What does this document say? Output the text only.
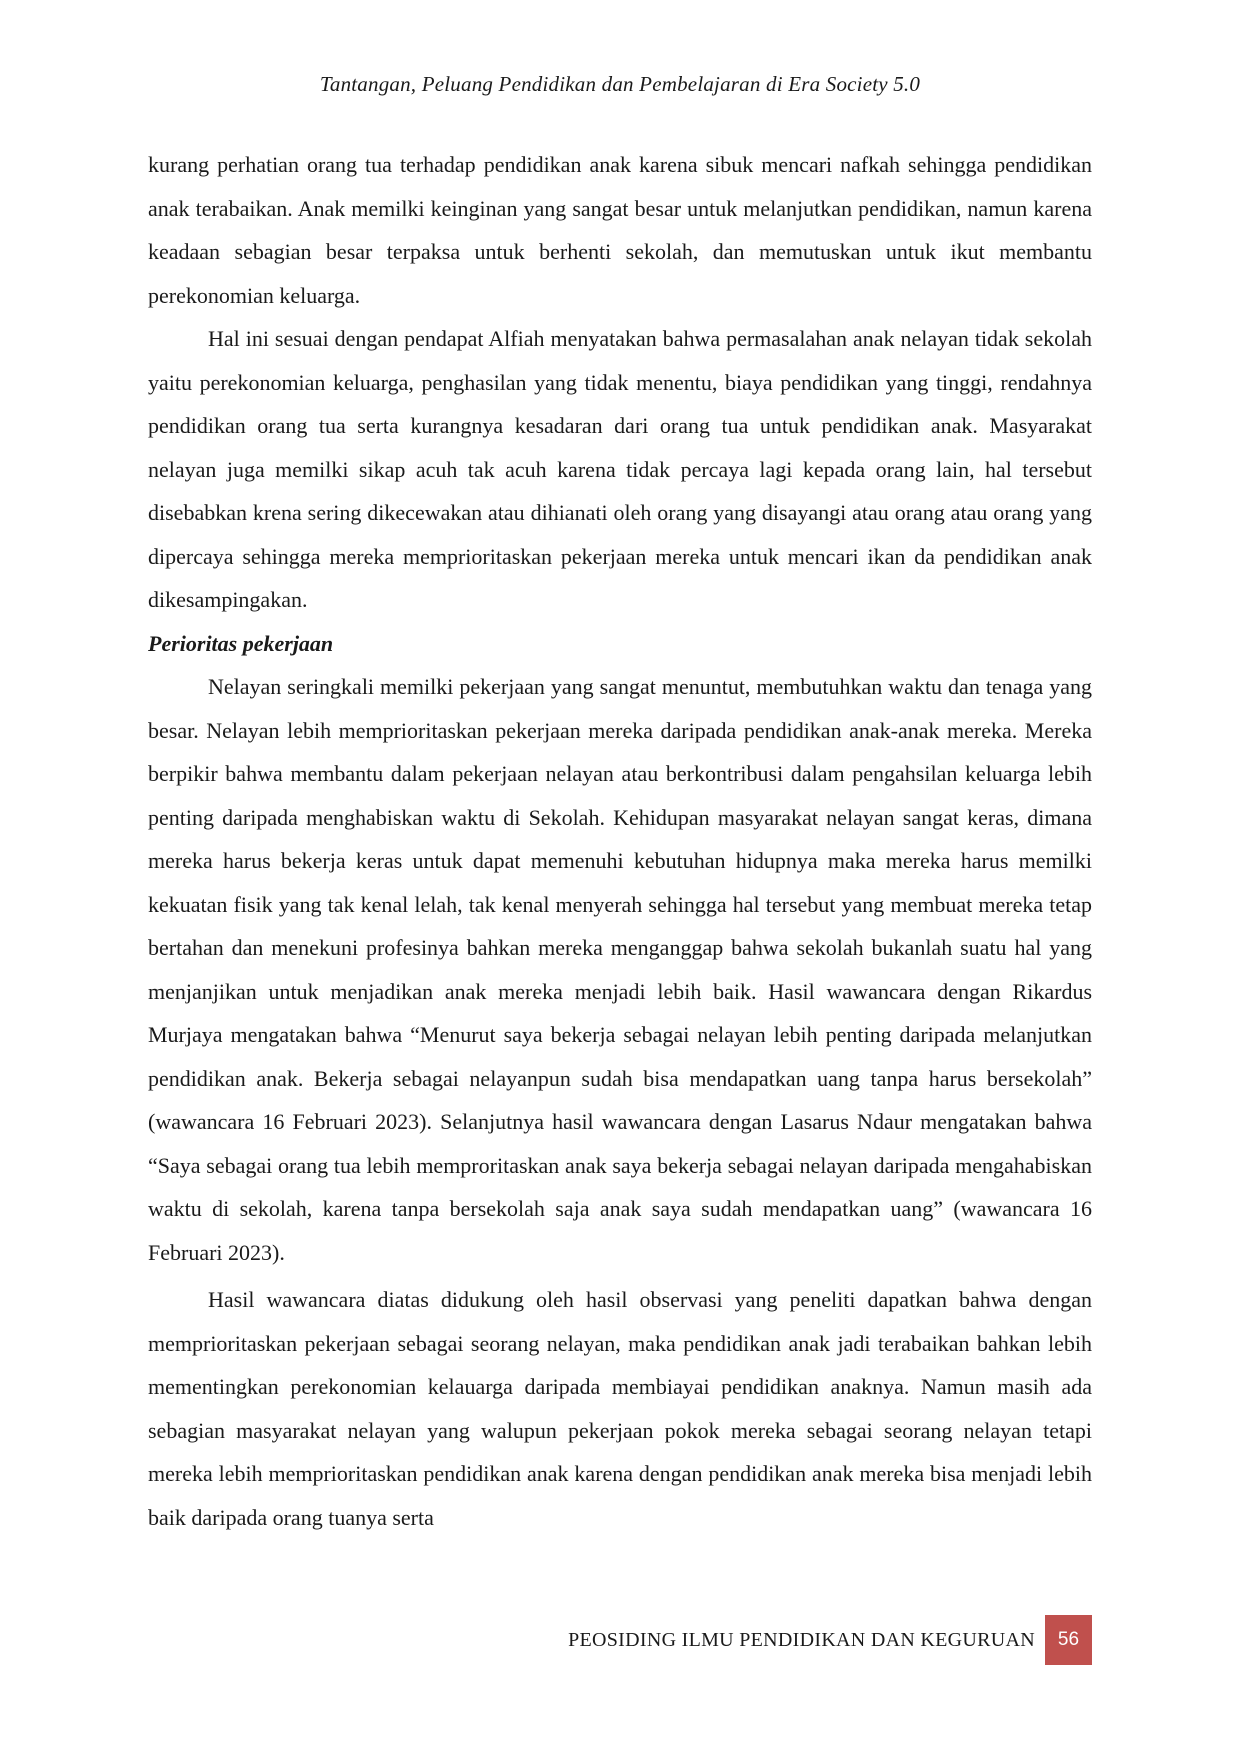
Tantangan, Peluang Pendidikan dan Pembelajaran di Era Society 5.0

kurang perhatian orang tua terhadap pendidikan anak karena sibuk mencari nafkah sehingga pendidikan anak terabaikan. Anak memilki keinginan yang sangat besar untuk melanjutkan pendidikan, namun karena keadaan sebagian besar terpaksa untuk berhenti sekolah, dan memutuskan untuk ikut membantu perekonomian keluarga.

Hal ini sesuai dengan pendapat Alfiah menyatakan bahwa permasalahan anak nelayan tidak sekolah yaitu perekonomian keluarga, penghasilan yang tidak menentu, biaya pendidikan yang tinggi, rendahnya pendidikan orang tua serta kurangnya kesadaran dari orang tua untuk pendidikan anak. Masyarakat nelayan juga memilki sikap acuh tak acuh karena tidak percaya lagi kepada orang lain, hal tersebut disebabkan krena sering dikecewakan atau dihianati oleh orang yang disayangi atau orang atau orang yang dipercaya sehingga mereka memprioritaskan pekerjaan mereka untuk mencari ikan da pendidikan anak dikesampingakan.

Perioritas pekerjaan

Nelayan seringkali memilki pekerjaan yang sangat menuntut, membutuhkan waktu dan tenaga yang besar. Nelayan lebih memprioritaskan pekerjaan mereka daripada pendidikan anak-anak mereka. Mereka berpikir bahwa membantu dalam pekerjaan nelayan atau berkontribusi dalam pengahsilan keluarga lebih penting daripada menghabiskan waktu di Sekolah. Kehidupan masyarakat nelayan sangat keras, dimana mereka harus bekerja keras untuk dapat memenuhi kebutuhan hidupnya maka mereka harus memilki kekuatan fisik yang tak kenal lelah, tak kenal menyerah sehingga hal tersebut yang membuat mereka tetap bertahan dan menekuni profesinya bahkan mereka menganggap bahwa sekolah bukanlah suatu hal yang menjanjikan untuk menjadikan anak mereka menjadi lebih baik. Hasil wawancara dengan Rikardus Murjaya mengatakan bahwa “Menurut saya bekerja sebagai nelayan lebih penting daripada melanjutkan pendidikan anak. Bekerja sebagai nelayanpun sudah bisa mendapatkan uang tanpa harus bersekolah” (wawancara 16 Februari 2023). Selanjutnya hasil wawancara dengan Lasarus Ndaur mengatakan bahwa “Saya sebagai orang tua lebih memproritaskan anak saya bekerja sebagai nelayan daripada mengahabiskan waktu di sekolah, karena tanpa bersekolah saja anak saya sudah mendapatkan uang” (wawancara 16 Februari 2023).

Hasil wawancara diatas didukung oleh hasil observasi yang peneliti dapatkan bahwa dengan memprioritaskan pekerjaan sebagai seorang nelayan, maka pendidikan anak jadi terabaikan bahkan lebih mementingkan perekonomian kelauarga daripada membiayai pendidikan anaknya. Namun masih ada sebagian masyarakat nelayan yang walupun pekerjaan pokok mereka sebagai seorang nelayan tetapi mereka lebih memprioritaskan pendidikan anak karena dengan pendidikan anak mereka bisa menjadi lebih baik daripada orang tuanya serta

PEOSIDING ILMU PENDIDIKAN DAN KEGURUAN 56
